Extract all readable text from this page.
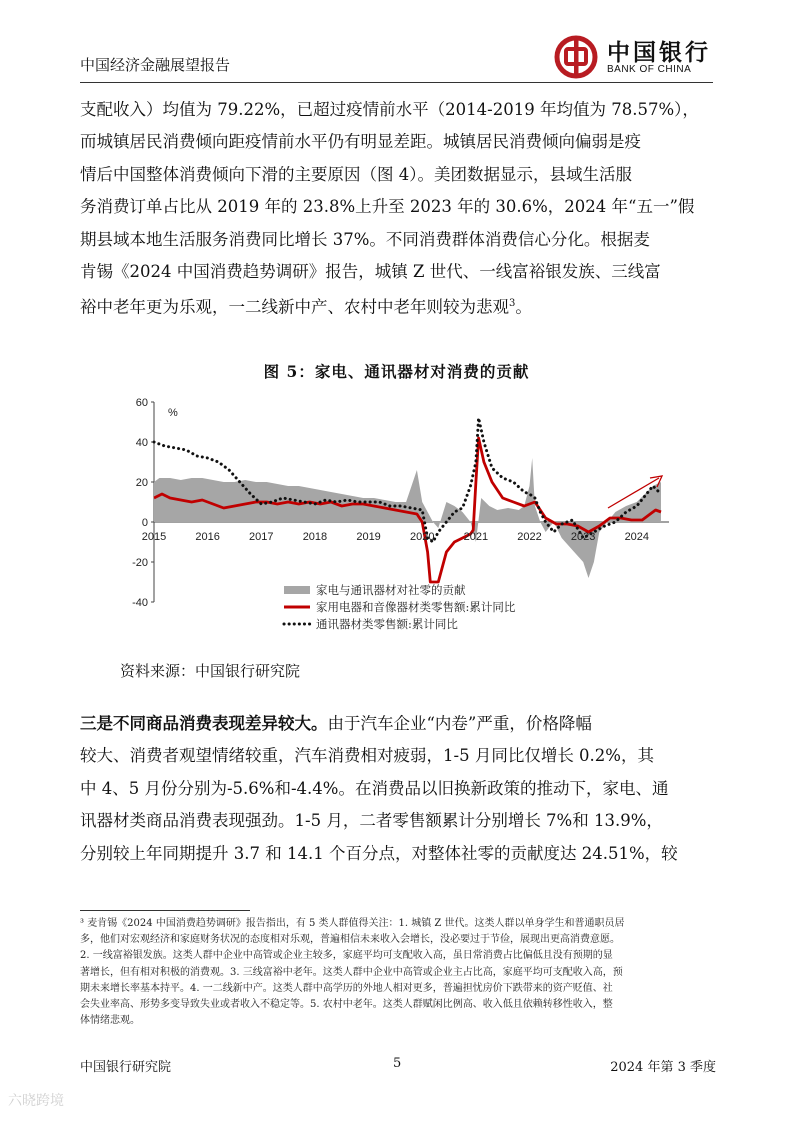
中国经济金融展望报告	中国银行
BANK OF CHINA
支配收入）均值为 79.22%，已超过疫情前水平（2014-2019 年均值为 78.57%），
而城镇居民消费倾向距疫情前水平仍有明显差距。城镇居民消费倾向偏弱是疫
情后中国整体消费倾向下滑的主要原因（图 4）。美团数据显示，县域生活服
务消费订单占比从 2019 年的 23.8%上升至 2023 年的 30.6%，2024 年“五一”假
期县域本地生活服务消费同比增长 37%。不同消费群体消费信心分化。根据麦
肯锡《2024 中国消费趋势调研》报告，城镇 Z 世代、一线富裕银发族、三线富
裕中老年更为乐观，一二线新中产、农村中老年则较为悲观$^3$。
图 5：家电、通讯器材对消费的贡献
-40
-20
0
20
40
60
2015	2016	2017	2018	2019	2020	2021	2022	2023	2024
%
家电与通讯器材对社零的贡献
家用电器和音像器材类零售额:累计同比
通讯器材类零售额:累计同比
资料来源：中国银行研究院
三是不同商品消费表现差异较大。由于汽车企业“内卷”严重，价格降幅
较大、消费者观望情绪较重，汽车消费相对疲弱，1-5 月同比仅增长 0.2%，其
中 4、5 月份分别为-5.6%和-4.4%。在消费品以旧换新政策的推动下，家电、通
讯器材类商品消费表现强劲。1-5 月，二者零售额累计分别增长 7%和 13.9%，
分别较上年同期提升 3.7 和 14.1 个百分点，对整体社零的贡献度达 24.51%，较
³ 麦肯锡《2024 中国消费趋势调研》报告指出，有 5 类人群值得关注：1. 城镇 Z 世代。这类人群以单身学生和普通职员居
多，他们对宏观经济和家庭财务状况的态度相对乐观，普遍相信未来收入会增长，没必要过于节俭，展现出更高消费意愿。
2. 一线富裕银发族。这类人群中企业中高管或企业主较多，家庭平均可支配收入高，虽日常消费占比偏低且没有预期的显
著增长，但有相对积极的消费观。3. 三线富裕中老年。这类人群中企业中高管或企业主占比高，家庭平均可支配收入高，预
期未来增长率基本持平。4. 一二线新中产。这类人群中高学历的外地人相对更多，普遍担忧房价下跌带来的资产贬值、社
会失业率高、形势多变导致失业或者收入不稳定等。5. 农村中老年。这类人群赋闲比例高、收入低且依赖转移性收入，整
体情绪悲观。
中国银行研究院	5	2024 年第 3 季度
六晓跨境
